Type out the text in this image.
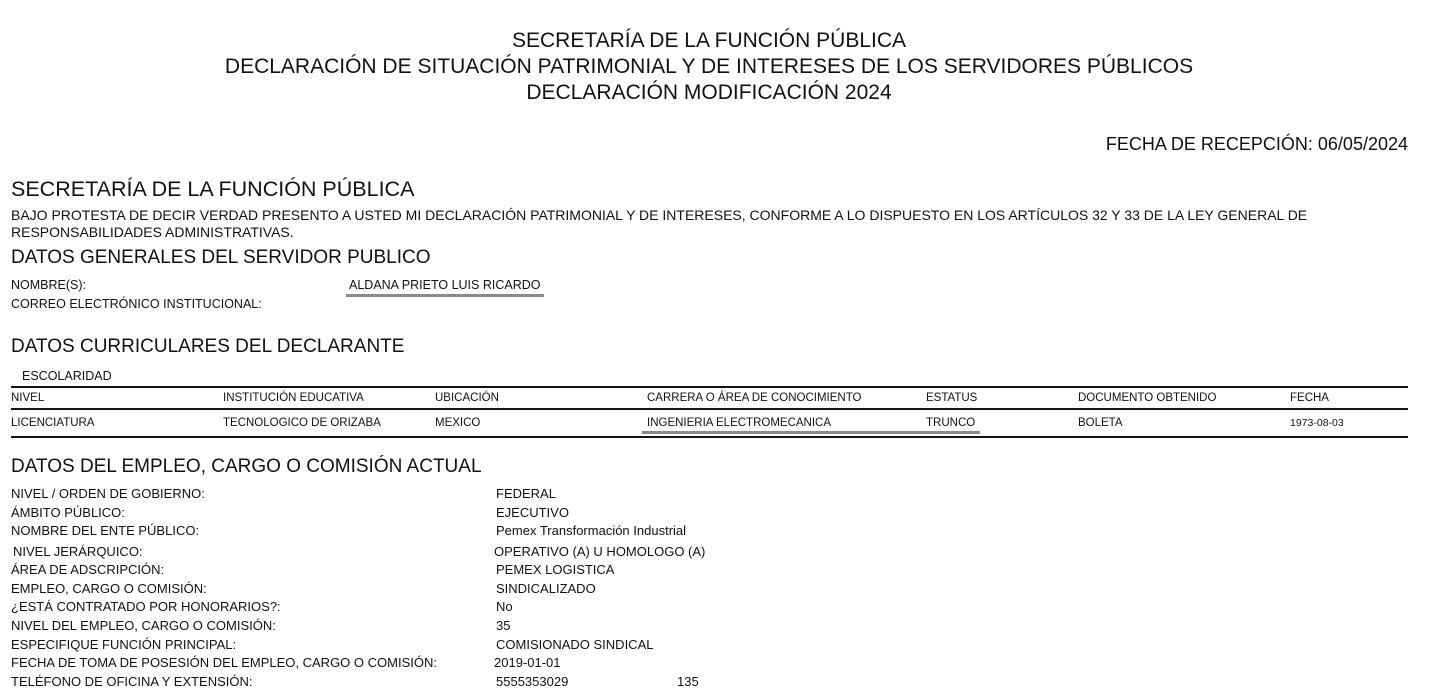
SECRETARÍA DE LA FUNCIÓN PÚBLICA
DECLARACIÓN DE SITUACIÓN PATRIMONIAL Y DE INTERESES DE LOS SERVIDORES PÚBLICOS
DECLARACIÓN MODIFICACIÓN 2024
FECHA DE RECEPCIÓN: 06/05/2024
SECRETARÍA DE LA FUNCIÓN PÚBLICA
BAJO PROTESTA DE DECIR VERDAD PRESENTO A USTED MI DECLARACIÓN PATRIMONIAL Y DE INTERESES, CONFORME A LO DISPUESTO EN LOS ARTÍCULOS 32 Y 33 DE LA LEY GENERAL DE RESPONSABILIDADES ADMINISTRATIVAS.
DATOS GENERALES DEL SERVIDOR PUBLICO
NOMBRE(S):	ALDANA PRIETO LUIS RICARDO
CORREO ELECTRÓNICO INSTITUCIONAL:
DATOS CURRICULARES DEL DECLARANTE
ESCOLARIDAD
NIVEL	INSTITUCIÓN EDUCATIVA	UBICACIÓN	CARRERA O ÁREA DE CONOCIMIENTO	ESTATUS	DOCUMENTO OBTENIDO	FECHA
LICENCIATURA	TECNOLOGICO DE ORIZABA	MEXICO	INGENIERIA ELECTROMECANICA	TRUNCO	BOLETA	1973-08-03
DATOS DEL EMPLEO, CARGO O COMISIÓN ACTUAL
NIVEL / ORDEN DE GOBIERNO:	FEDERAL
ÁMBITO PÚBLICO:	EJECUTIVO
NOMBRE DEL ENTE PÚBLICO:	Pemex Transformación Industrial
NIVEL JERÁRQUICO:	OPERATIVO (A) U HOMOLOGO (A)
ÁREA DE ADSCRIPCIÓN:	PEMEX LOGISTICA
EMPLEO, CARGO O COMISIÓN:	SINDICALIZADO
¿ESTÁ CONTRATADO POR HONORARIOS?:	No
NIVEL DEL EMPLEO, CARGO O COMISIÓN:	35
ESPECIFIQUE FUNCIÓN PRINCIPAL:	COMISIONADO SINDICAL
FECHA DE TOMA DE POSESIÓN DEL EMPLEO, CARGO O COMISIÓN:	2019-01-01
TELÉFONO DE OFICINA Y EXTENSIÓN:	5555353029	135
